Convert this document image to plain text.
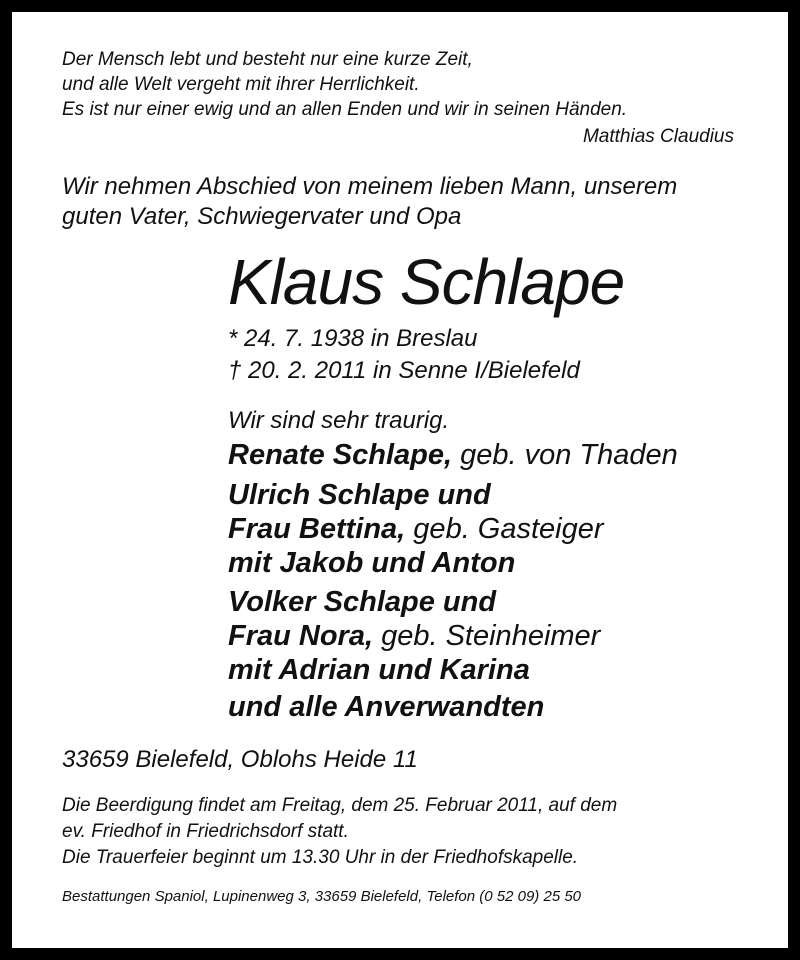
Der Mensch lebt und besteht nur eine kurze Zeit,
und alle Welt vergeht mit ihrer Herrlichkeit.
Es ist nur einer ewig und an allen Enden und wir in seinen Händen.
Matthias Claudius
Wir nehmen Abschied von meinem lieben Mann, unserem
guten Vater, Schwiegervater und Opa
Klaus Schlape
* 24. 7. 1938 in Breslau
† 20. 2. 2011 in Senne I/Bielefeld
Wir sind sehr traurig.
Renate Schlape, geb. von Thaden
Ulrich Schlape und
Frau Bettina, geb. Gasteiger
mit Jakob und Anton
Volker Schlape und
Frau Nora, geb. Steinheimer
mit Adrian und Karina
und alle Anverwandten
33659 Bielefeld, Oblohs Heide 11
Die Beerdigung findet am Freitag, dem 25. Februar 2011, auf dem
ev. Friedhof in Friedrichsdorf statt.
Die Trauerfeier beginnt um 13.30 Uhr in der Friedhofskapelle.
Bestattungen Spaniol, Lupinenweg 3, 33659 Bielefeld, Telefon (0 52 09) 25 50
